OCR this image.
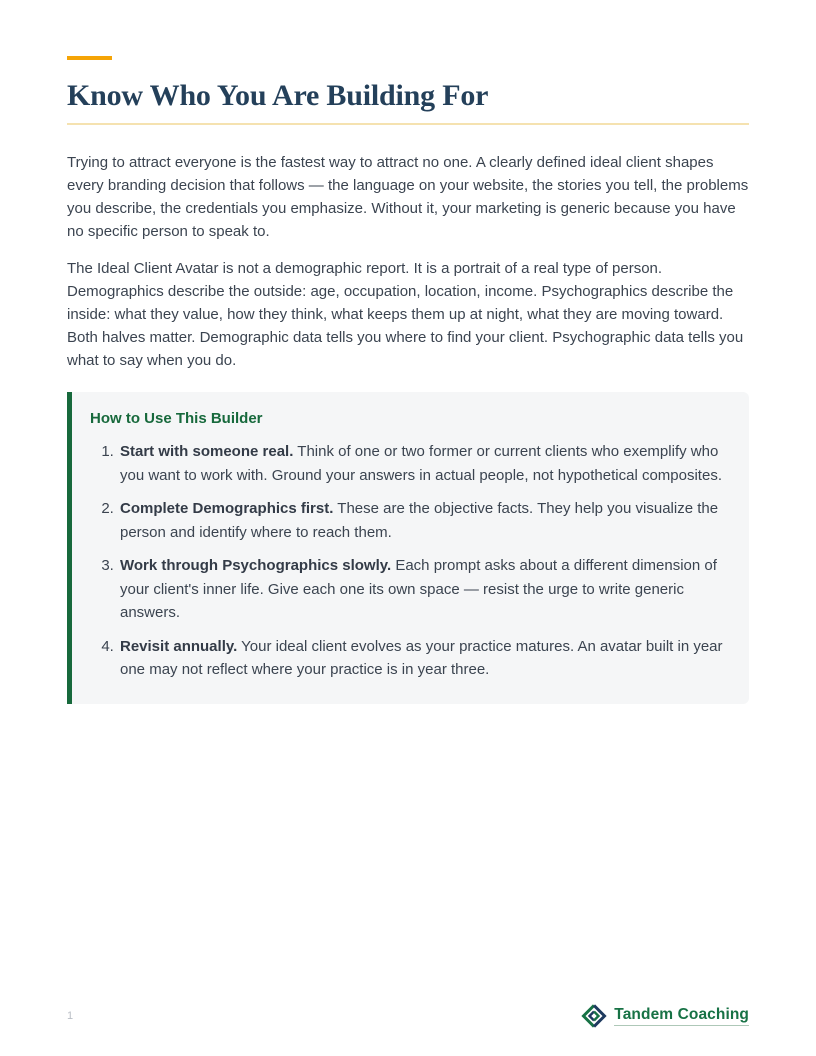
Know Who You Are Building For

Trying to attract everyone is the fastest way to attract no one. A clearly defined ideal client shapes every branding decision that follows — the language on your website, the stories you tell, the problems you describe, the credentials you emphasize. Without it, your marketing is generic because you have no specific person to speak to.

The Ideal Client Avatar is not a demographic report. It is a portrait of a real type of person. Demographics describe the outside: age, occupation, location, income. Psychographics describe the inside: what they value, how they think, what keeps them up at night, what they are moving toward. Both halves matter. Demographic data tells you where to find your client. Psychographic data tells you what to say when you do.

How to Use This Builder
1. Start with someone real. Think of one or two former or current clients who exemplify who you want to work with. Ground your answers in actual people, not hypothetical composites.
2. Complete Demographics first. These are the objective facts. They help you visualize the person and identify where to reach them.
3. Work through Psychographics slowly. Each prompt asks about a different dimension of your client's inner life. Give each one its own space — resist the urge to write generic answers.
4. Revisit annually. Your ideal client evolves as your practice matures. An avatar built in year one may not reflect where your practice is in year three.
1	Tandem Coaching
